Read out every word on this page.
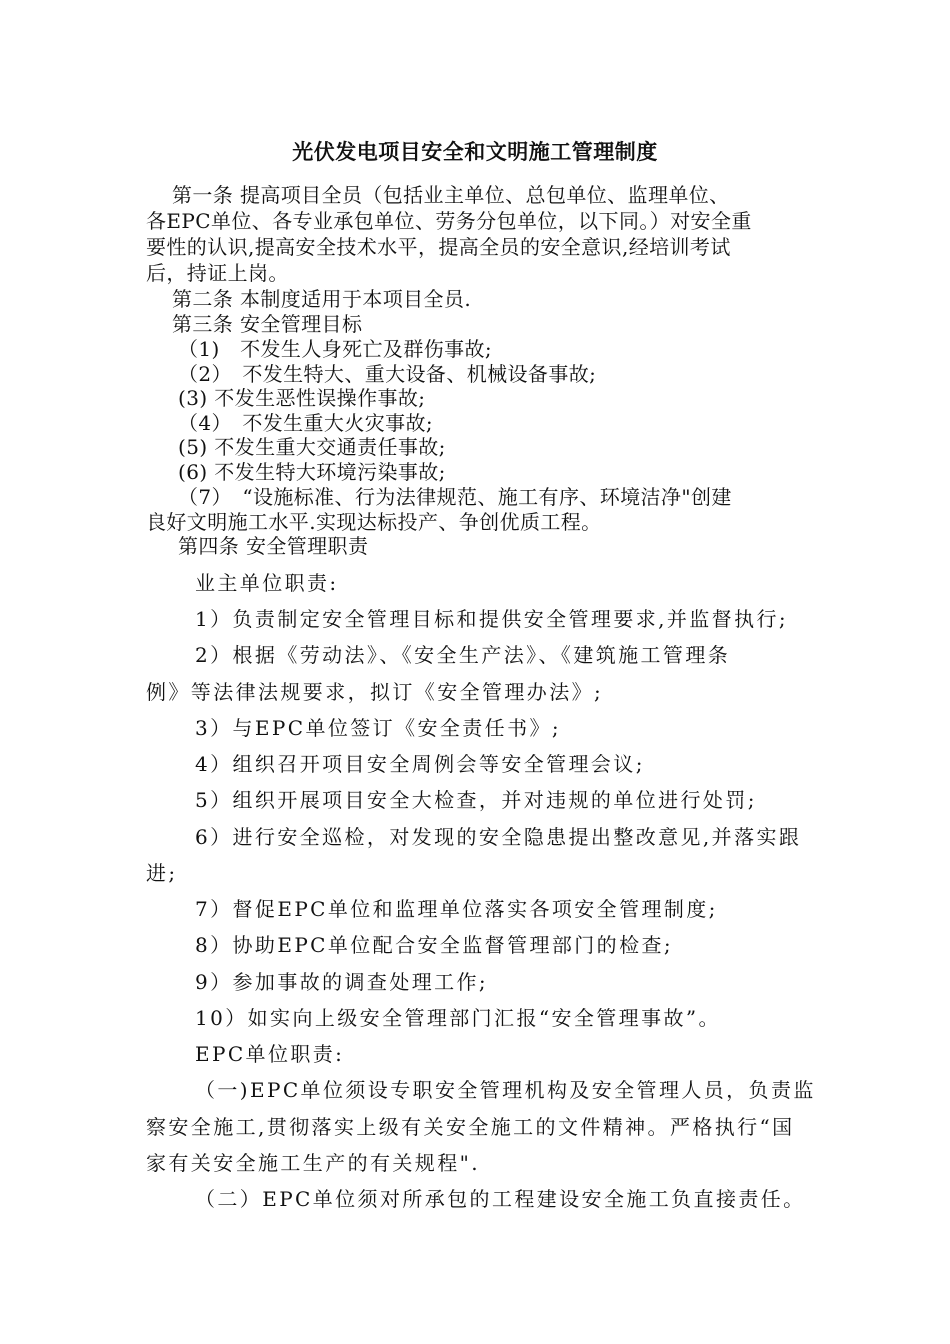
光伏发电项目安全和文明施工管理制度
第一条 提高项目全员（包括业主单位、总包单位、监理单位、
各EPC单位、各专业承包单位、劳务分包单位，以下同。）对安全重
要性的认识,提高安全技术水平，提高全员的安全意识,经培训考试
后，持证上岗。
第二条 本制度适用于本项目全员.
第三条 安全管理目标
（1)　不发生人身死亡及群伤事故;
（2）　不发生特大、重大设备、机械设备事故;
(3) 不发生恶性误操作事故;
（4）　不发生重大火灾事故;
(5) 不发生重大交通责任事故;
(6) 不发生特大环境污染事故;
（7）　“设施标准、行为法律规范、施工有序、环境洁净"创建
良好文明施工水平.实现达标投产、争创优质工程。
第四条 安全管理职责
业主单位职责:
1）负责制定安全管理目标和提供安全管理要求,并监督执行;
2）根据《劳动法》、《安全生产法》、《建筑施工管理条
例》等法律法规要求，拟订《安全管理办法》;
3）与EPC单位签订《安全责任书》;
4）组织召开项目安全周例会等安全管理会议;
5）组织开展项目安全大检查，并对违规的单位进行处罚;
6）进行安全巡检，对发现的安全隐患提出整改意见,并落实跟
进;
7）督促EPC单位和监理单位落实各项安全管理制度;
8）协助EPC单位配合安全监督管理部门的检查;
9）参加事故的调查处理工作;
10）如实向上级安全管理部门汇报“安全管理事故”。
EPC单位职责:
（一)EPC单位须设专职安全管理机构及安全管理人员，负责监
察安全施工,贯彻落实上级有关安全施工的文件精神。严格执行“国
家有关安全施工生产的有关规程".
（二）EPC单位须对所承包的工程建设安全施工负直接责任。
